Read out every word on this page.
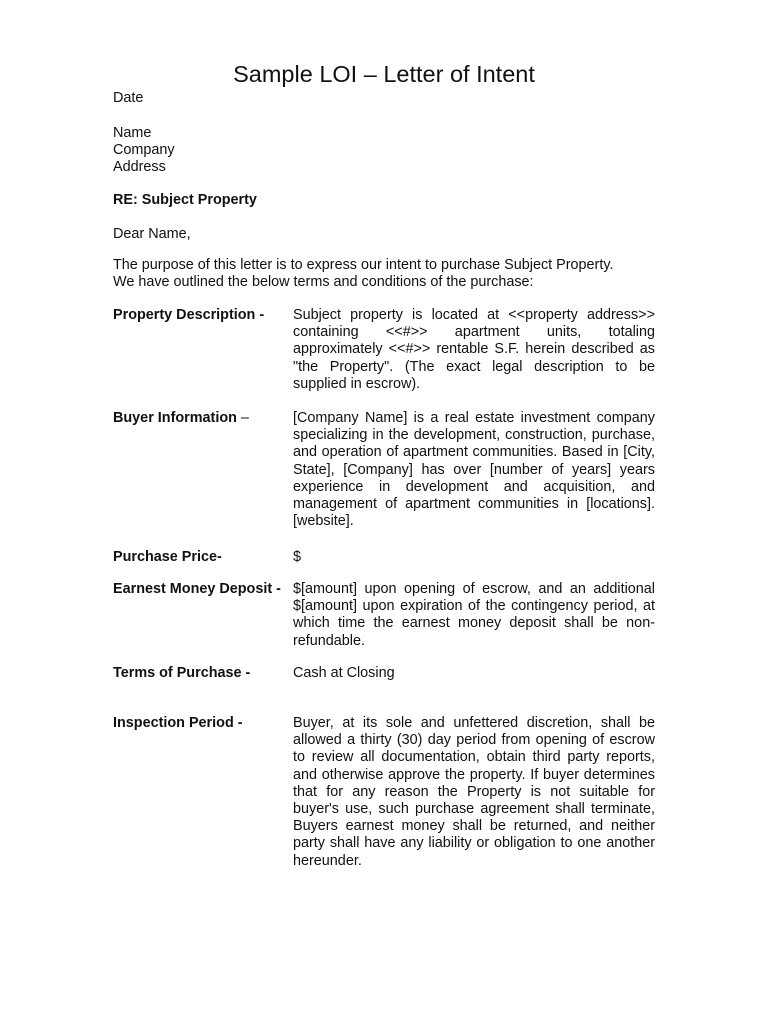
Sample LOI – Letter of Intent

Date

Name

Company

Address

RE: Subject Property

Dear Name,

The purpose of this letter is to express our intent to purchase Subject Property.

We have outlined the below terms and conditions of the purchase:

Property Description -	Subject property is located at <<property address>> containing <<#>> apartment units, totaling approximately <<#>> rentable S.F. herein described as "the Property". (The exact legal description to be supplied in escrow).

Buyer Information –	[Company Name] is a real estate investment company specializing in the development, construction, purchase, and operation of apartment communities. Based in [City, State], [Company] has over [number of years] years experience in development and acquisition, and management of apartment communities in [locations]. [website].

Purchase Price-	$

Earnest Money Deposit - $[amount] upon opening of escrow, and an additional $[amount] upon expiration of the contingency period, at which time the earnest money deposit shall be non-refundable.

Terms of Purchase -	Cash at Closing

Inspection Period -	Buyer, at its sole and unfettered discretion, shall be allowed a thirty (30) day period from opening of escrow to review all documentation, obtain third party reports, and otherwise approve the property. If buyer determines that for any reason the Property is not suitable for buyer's use, such purchase agreement shall terminate, Buyers earnest money shall be returned, and neither party shall have any liability or obligation to one another hereunder.
